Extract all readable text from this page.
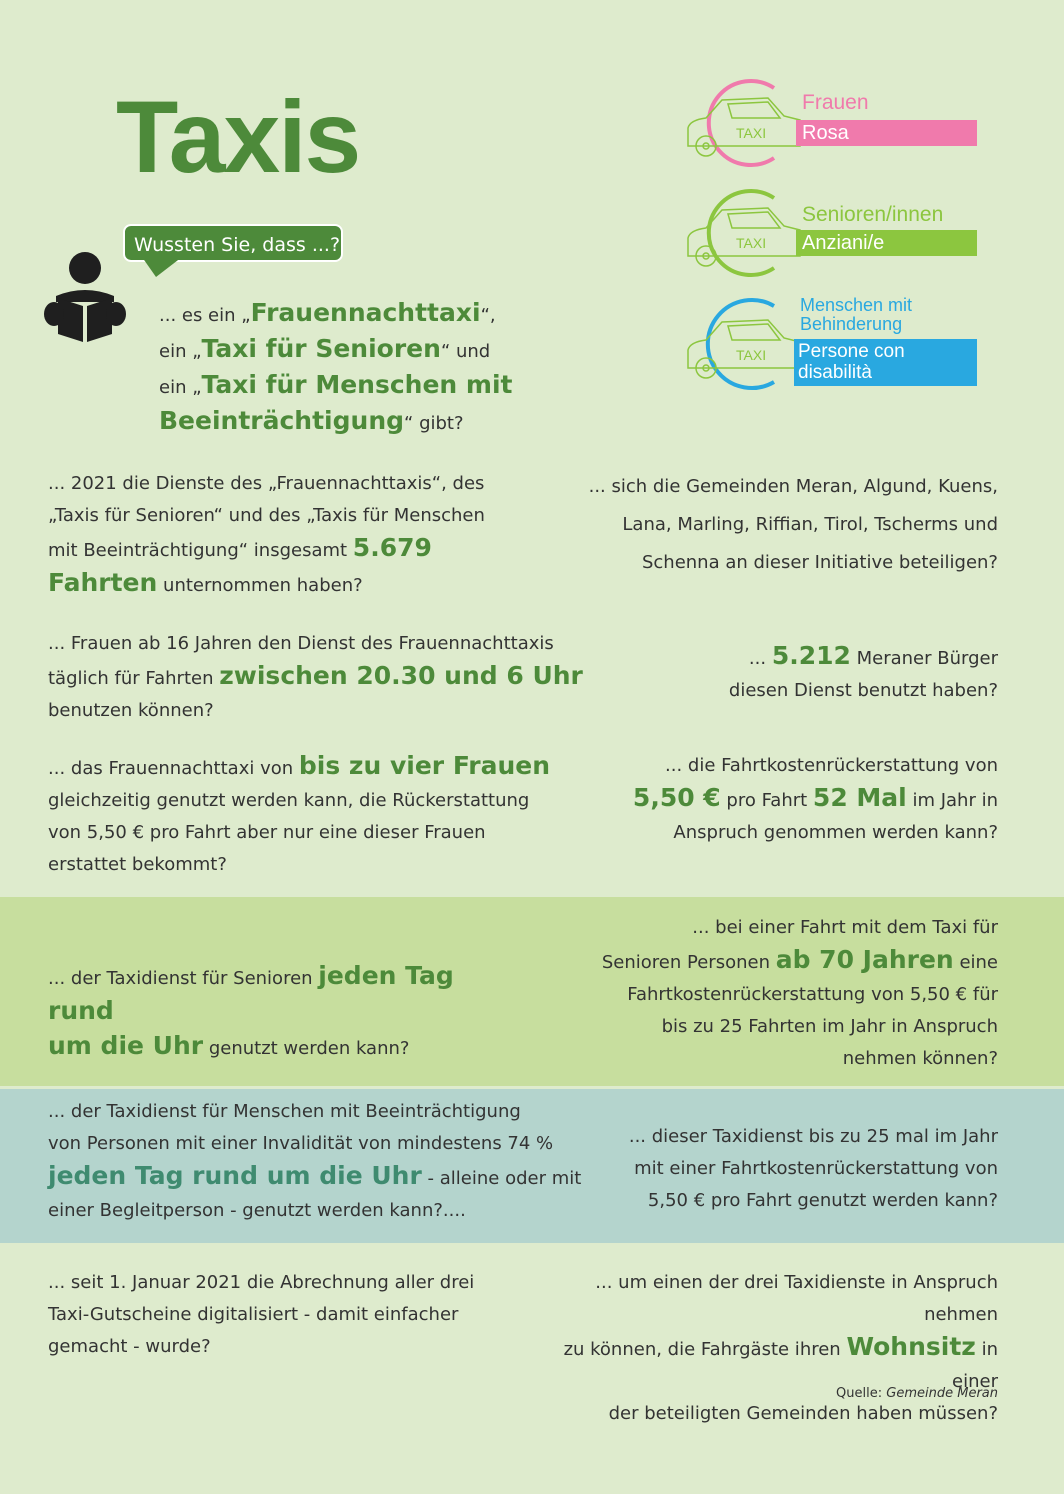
Taxis
Wussten Sie, dass ...?
... es ein „Frauennachttaxi“,
ein „Taxi für Senioren“ und
ein „Taxi für Menschen mit Beeinträchtigung“ gibt?
TAXI
Frauen
Rosa
TAXI
Senioren/innen
Anziani/e
TAXI
Menschen mit
Behinderung
Persone con
disabilità
... 2021 die Dienste des „Frauennachttaxis“, des
„Taxis für Senioren“ und des „Taxis für Menschen
mit Beeinträchtigung“ insgesamt 5.679
Fahrten unternommen haben?
... sich die Gemeinden Meran, Algund, Kuens,
Lana, Marling, Riffian, Tirol, Tscherms und
Schenna an dieser Initiative beteiligen?
... Frauen ab 16 Jahren den Dienst des Frauennachttaxis
täglich für Fahrten zwischen 20.30 und 6 Uhr
benutzen können?
... 5.212 Meraner Bürger
diesen Dienst benutzt haben?
... das Frauennachttaxi von bis zu vier Frauen
gleichzeitig genutzt werden kann, die Rückerstattung
von 5,50 € pro Fahrt aber nur eine dieser Frauen
erstattet bekommt?
... die Fahrtkostenrückerstattung von
5,50 € pro Fahrt 52 Mal im Jahr in
Anspruch genommen werden kann?
... der Taxidienst für Senioren jeden Tag rund
um die Uhr genutzt werden kann?
... bei einer Fahrt mit dem Taxi für
Senioren Personen ab 70 Jahren eine
Fahrtkostenrückerstattung von 5,50 € für
bis zu 25 Fahrten im Jahr in Anspruch
nehmen können?
... der Taxidienst für Menschen mit Beeinträchtigung
von Personen mit einer Invalidität von mindestens 74 %
jeden Tag rund um die Uhr - alleine oder mit
einer Begleitperson - genutzt werden kann?....
... dieser Taxidienst bis zu 25 mal im Jahr
mit einer Fahrtkostenrückerstattung von
5,50 € pro Fahrt genutzt werden kann?
... seit 1. Januar 2021 die Abrechnung aller drei
Taxi-Gutscheine digitalisiert - damit einfacher
gemacht - wurde?
... um einen der drei Taxidienste in Anspruch nehmen
zu können, die Fahrgäste ihren Wohnsitz in einer
der beteiligten Gemeinden haben müssen?
Quelle: Gemeinde Meran
